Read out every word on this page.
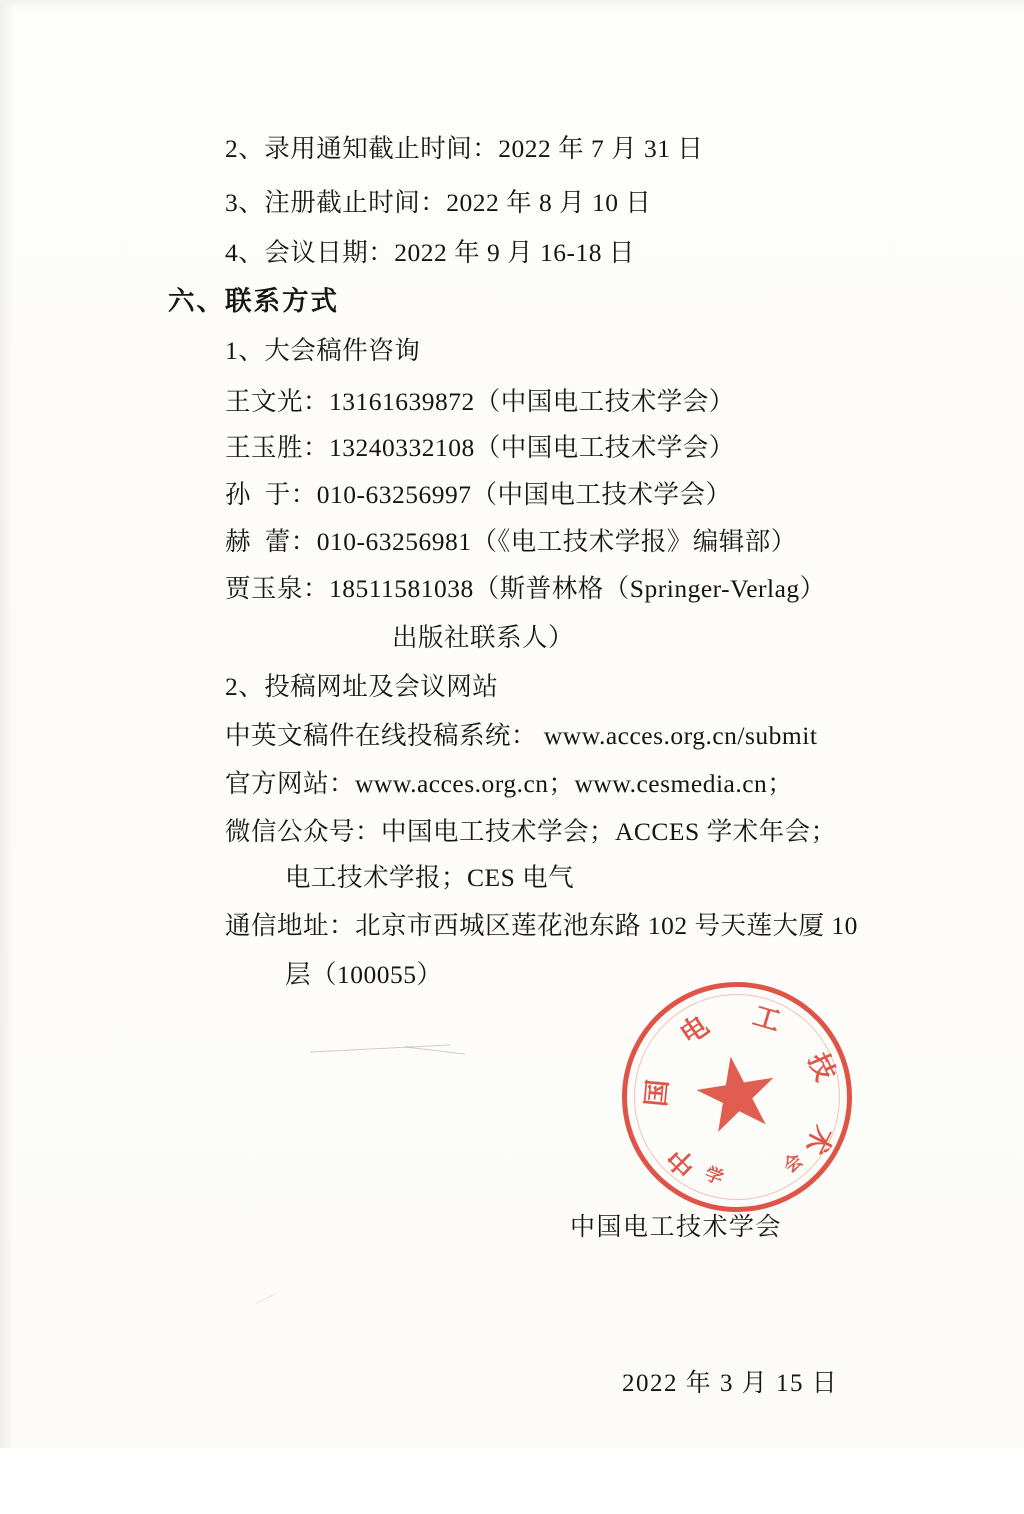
2、录用通知截止时间：2022 年 7 月 31 日
3、注册截止时间：2022 年 8 月 10 日
4、会议日期：2022 年 9 月 16-18 日
六、联系方式
1、大会稿件咨询
王文光：13161639872（中国电工技术学会）
王玉胜：13240332108（中国电工技术学会）
孙  于：010-63256997（中国电工技术学会）
赫  蕾：010-63256981（《电工技术学报》编辑部）
贾玉泉：18511581038（斯普林格（Springer-Verlag）
出版社联系人）
2、投稿网址及会议网站
中英文稿件在线投稿系统： www.acces.org.cn/submit
官方网站：www.acces.org.cn；www.cesmedia.cn；
微信公众号：中国电工技术学会；ACCES 学术年会；
电工技术学报；CES 电气
通信地址：北京市西城区莲花池东路 102 号天莲大厦 10
层（100055）
中
国
电 工
技
术
学	会

中国电工技术学会

2022 年 3 月 15 日
